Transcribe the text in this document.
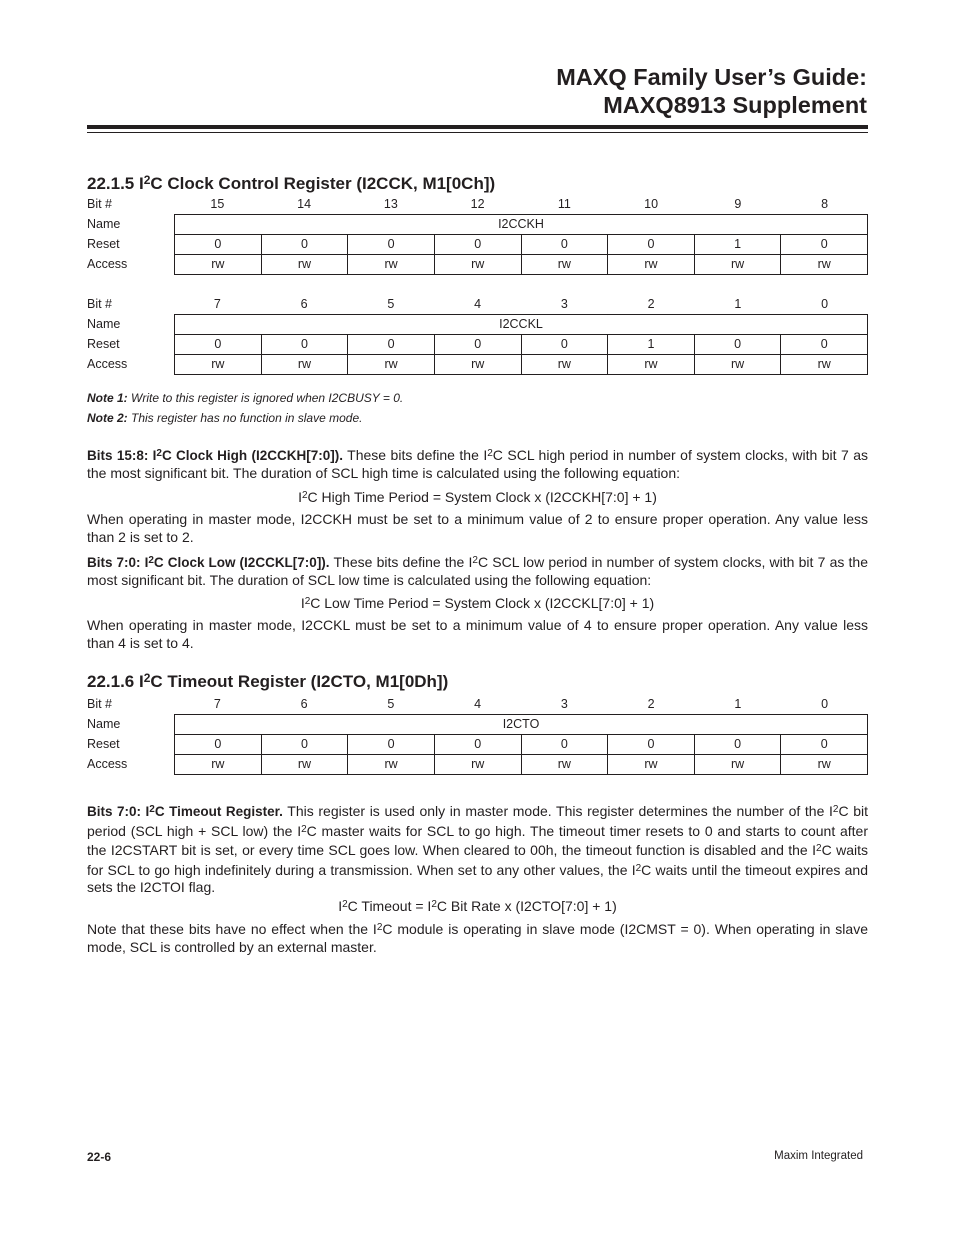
MAXQ Family User’s Guide:
MAXQ8913 Supplement
22.1.5 $I^2C$ Clock Control Register (I2CCK, M1[0Ch])
Bit #	15	14	13	12	11	10	9	8
Name	I2CCKH
Reset	0	0	0	0	0	0	1	0
Access	rw	rw	rw	rw	rw	rw	rw	rw
Bit #	7	6	5	4	3	2	1	0
Name	I2CCKL
Reset	0	0	0	0	0	1	0	0
Access	rw	rw	rw	rw	rw	rw	rw	rw
Note 1: Write to this register is ignored when I2CBUSY = 0.
Note 2: This register has no function in slave mode.

Bits 15:8: $I^2C$ Clock High (I2CCKH[7:0]). These bits define the $I^2C$ SCL high period in number of system clocks, with bit 7 as the most significant bit. The duration of SCL high time is calculated using the following equation:

$I^2C$ High Time Period = System Clock x (I2CCKH[7:0] + 1)

When operating in master mode, I2CCKH must be set to a minimum value of 2 to ensure proper operation. Any value less than 2 is set to 2.

Bits 7:0: $I^2C$ Clock Low (I2CCKL[7:0]). These bits define the $I^2C$ SCL low period in number of system clocks, with bit 7 as the most significant bit. The duration of SCL low time is calculated using the following equation:

$I^2C$ Low Time Period = System Clock x (I2CCKL[7:0] + 1)

When operating in master mode, I2CCKL must be set to a minimum value of 4 to ensure proper operation. Any value less than 4 is set to 4.

22.1.6 $I^2C$ Timeout Register (I2CTO, M1[0Dh])
Bit #	7	6	5	4	3	2	1	0
Name	I2CTO
Reset	0	0	0	0	0	0	0	0
Access	rw	rw	rw	rw	rw	rw	rw	rw

Bits 7:0: $I^2C$ Timeout Register. This register is used only in master mode. This register determines the number of the $I^2C$ bit period (SCL high + SCL low) the $I^2C$ master waits for SCL to go high. The timeout timer resets to 0 and starts to count after the I2CSTART bit is set, or every time SCL goes low. When cleared to 00h, the timeout function is disabled and the $I^2C$ waits for SCL to go high indefinitely during a transmission. When set to any other values, the $I^2C$ waits until the timeout expires and sets the I2CTOI flag.

$I^2C$ Timeout = $I^2C$ Bit Rate x (I2CTO[7:0] + 1)

Note that these bits have no effect when the $I^2C$ module is operating in slave mode (I2CMST = 0). When operating in slave mode, SCL is controlled by an external master.

22-6	Maxim Integrated
